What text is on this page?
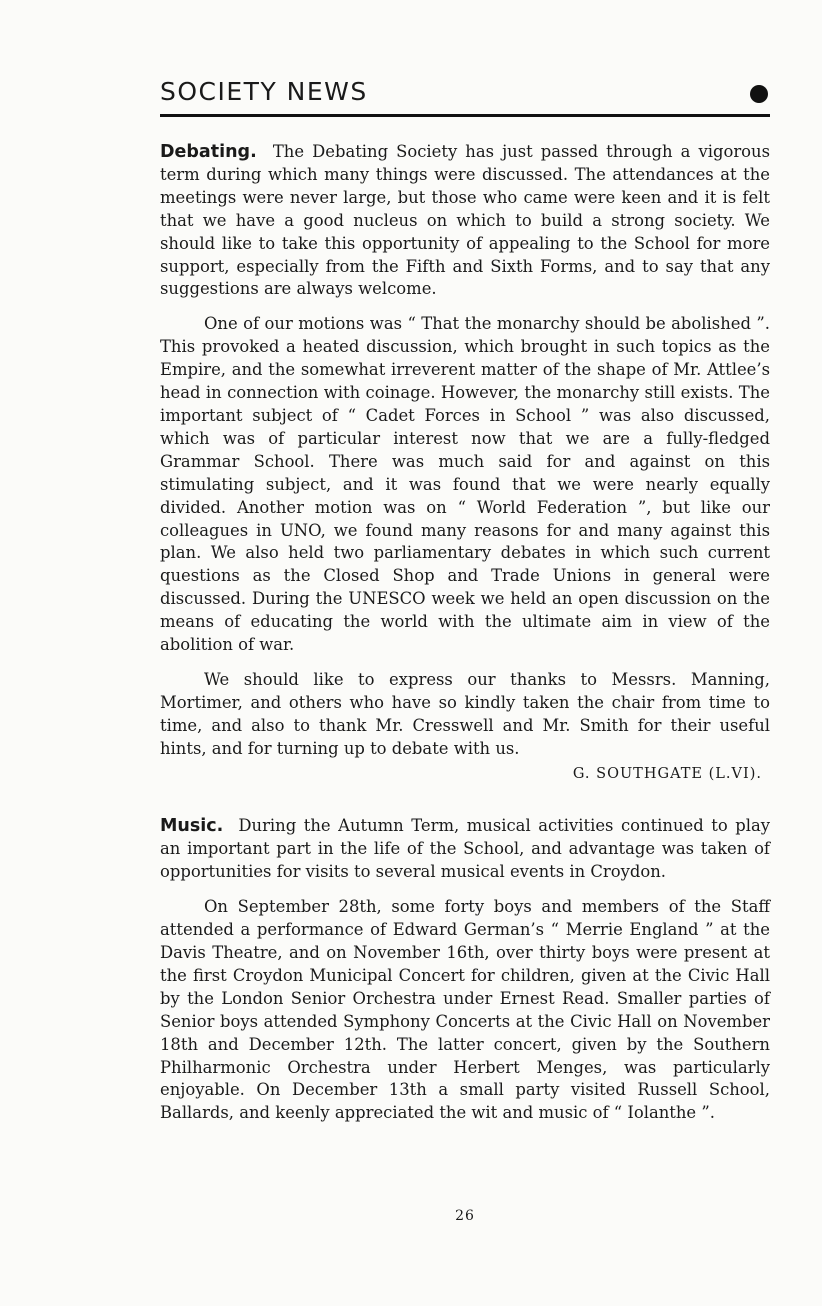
SOCIETY NEWS

Debating. The Debating Society has just passed through a vigorous term during which many things were discussed. The attendances at the meetings were never large, but those who came were keen and it is felt that we have a good nucleus on which to build a strong society. We should like to take this opportunity of appealing to the School for more support, especially from the Fifth and Sixth Forms, and to say that any suggestions are always welcome.

One of our motions was “ That the monarchy should be abolished ”. This provoked a heated discussion, which brought in such topics as the Empire, and the somewhat irreverent matter of the shape of Mr. Attlee’s head in connection with coinage. However, the monarchy still exists. The important subject of “ Cadet Forces in School ” was also discussed, which was of particular interest now that we are a fully-fledged Grammar School. There was much said for and against on this stimulating subject, and it was found that we were nearly equally divided. Another motion was on “ World Federation ”, but like our colleagues in UNO, we found many reasons for and many against this plan. We also held two parliamentary debates in which such current questions as the Closed Shop and Trade Unions in general were discussed. During the UNESCO week we held an open discussion on the means of educating the world with the ultimate aim in view of the abolition of war.

We should like to express our thanks to Messrs. Manning, Mortimer, and others who have so kindly taken the chair from time to time, and also to thank Mr. Cresswell and Mr. Smith for their useful hints, and for turning up to debate with us.

G. SOUTHGATE (L.VI).

Music. During the Autumn Term, musical activities continued to play an important part in the life of the School, and advantage was taken of opportunities for visits to several musical events in Croydon.

On September 28th, some forty boys and members of the Staff attended a performance of Edward German’s “ Merrie England ” at the Davis Theatre, and on November 16th, over thirty boys were present at the first Croydon Municipal Concert for children, given at the Civic Hall by the London Senior Orchestra under Ernest Read. Smaller parties of Senior boys attended Symphony Concerts at the Civic Hall on November 18th and December 12th. The latter concert, given by the Southern Philharmonic Orchestra under Herbert Menges, was particularly enjoyable. On December 13th a small party visited Russell School, Ballards, and keenly appreciated the wit and music of “ Iolanthe ”.

26
